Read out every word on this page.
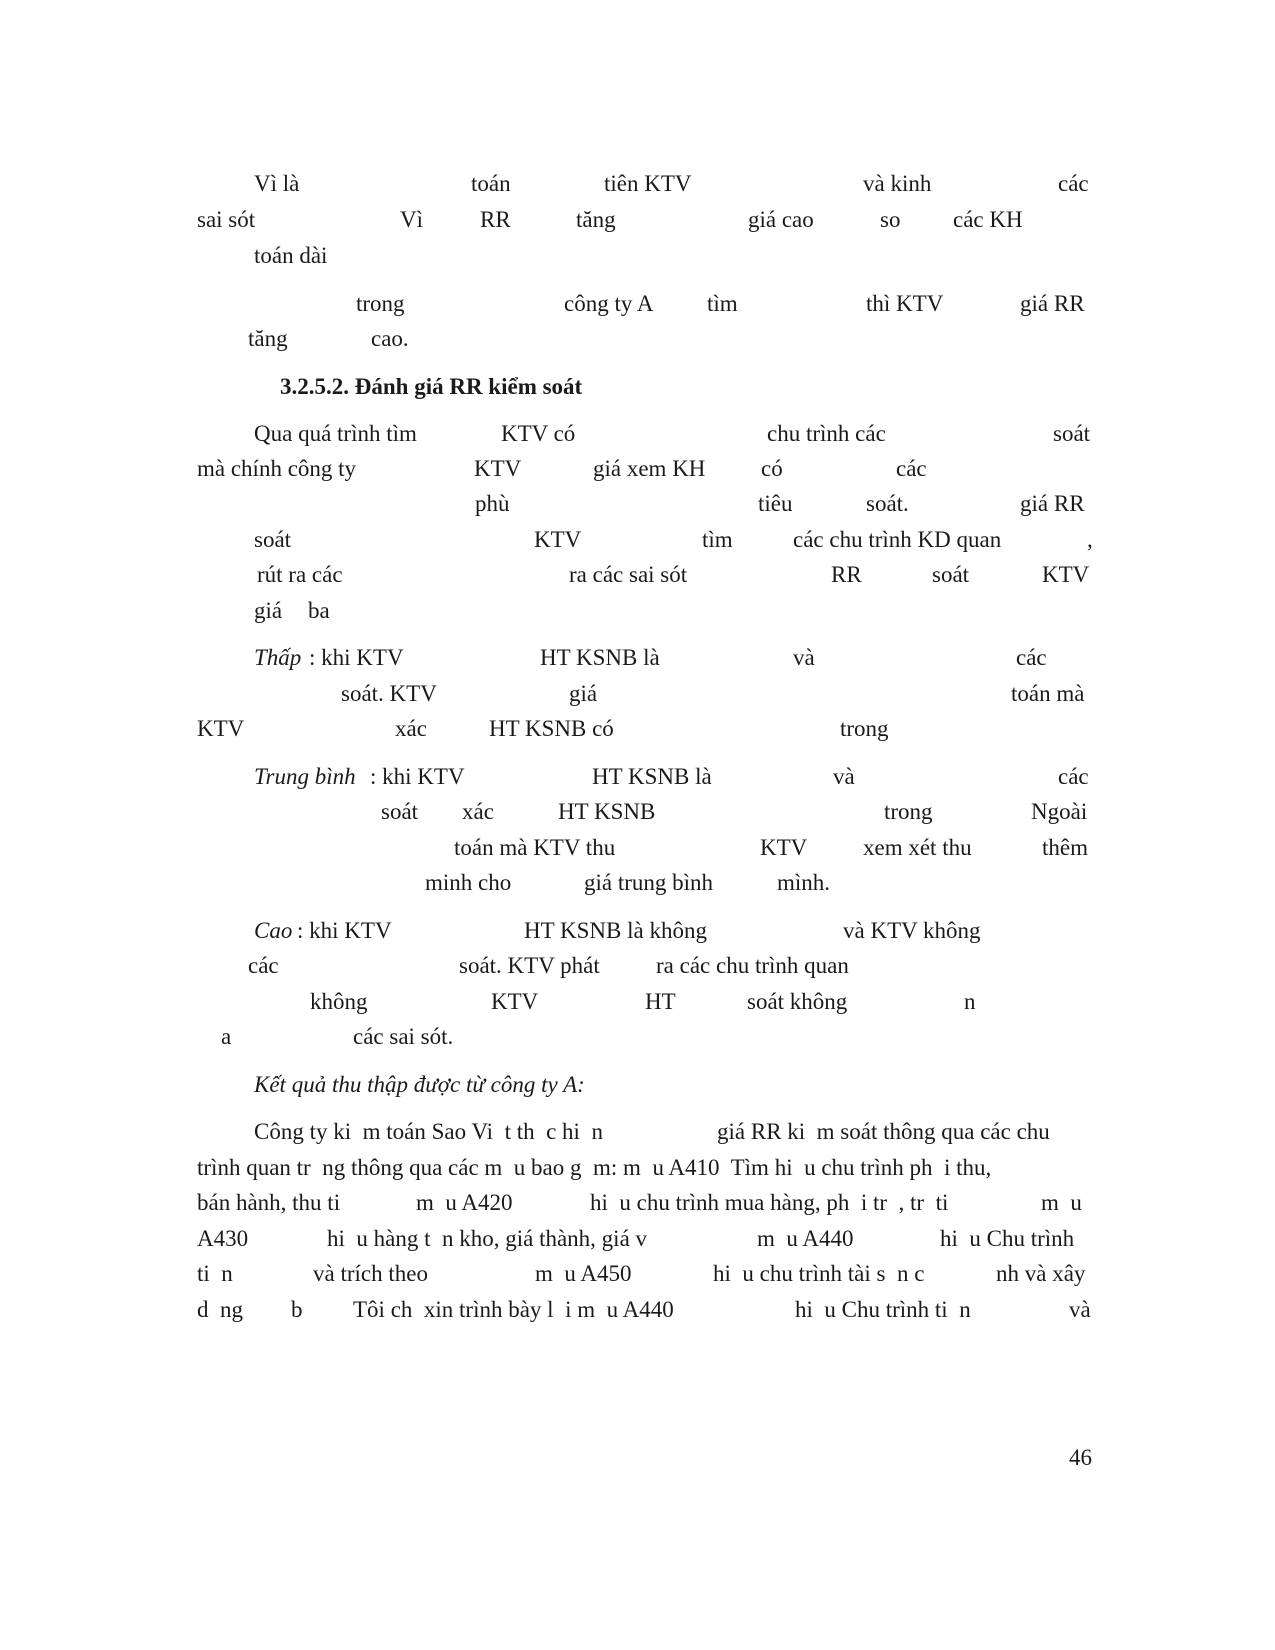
Vì là

	toán

	tiên KTV

	và kinh

	các

sai sót

	Vì

RR

	tăng

	giá cao

	so

các KH

toán dài

trong

	công ty A

tìm

	thì KTV

	giá RR

tăng

	cao.

3.2.5.2. Đánh giá RR kiểm soát

Qua quá trình tìm

	KTV có

	chu trình các

	soát

mà chính công ty

	KTV

	giá xem KH

có

	các

phù

	tiêu

	soát.

	giá RR

soát

	KTV

	tìm

	các chu trình KD quan

	,

rút ra các

	ra các sai sót

	RR

	soát

	KTV

giá

ba

Thấp

: khi KTV

	HT KSNB là

	và

	các

soát. KTV

	giá

	toán mà

KTV

	xác

	HT KSNB có

	trong

Trung bình

: khi KTV

	HT KSNB là

	và

	các

soát

xác

	HT KSNB

	trong

	Ngoài

toán mà KTV thu

	KTV

xem xét thu

	thêm

minh cho

	giá trung bình

	mình.

Cao

: khi KTV

	HT KSNB là không

	và KTV không

các

	soát. KTV phát

ra các chu trình quan

không

	KTV

	HT

	soát không

	n

a

	các sai sót.

Kết quả thu thập được từ công ty A:

Công ty ki  m toán Sao Vi  t th  c hi  n

	giá RR ki  m soát thông qua các chu

trình quan tr  ng thông qua các m  u bao g  m: m  u A410  Tìm hi  u chu trình ph  i thu,

bán hành, thu ti

	m  u A420

	hi  u chu trình mua hàng, ph  i tr  , tr  ti

	m  u

A430

	hi  u hàng t  n kho, giá thành, giá v

	m  u A440

	hi  u Chu trình

ti  n

	và trích theo

	m  u A450

	hi  u chu trình tài s  n c

	nh và xây

d  ng

b

Tôi ch  xin trình bày l  i m  u A440

	hi  u Chu trình ti  n

	và

46
